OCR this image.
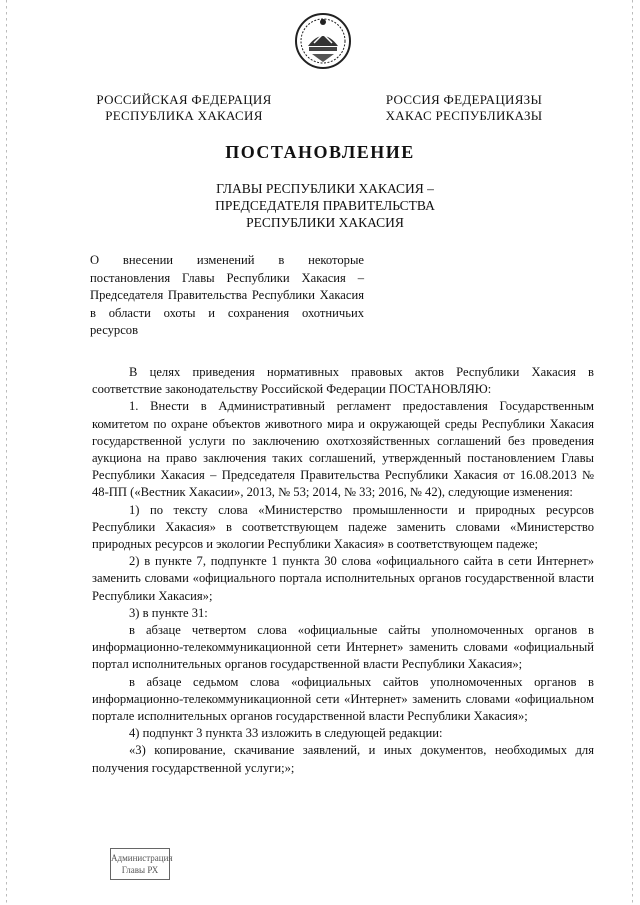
РОССИЙСКАЯ ФЕДЕРАЦИЯ
РЕСПУБЛИКА ХАКАСИЯ
РОССИЯ ФЕДЕРАЦИЯЗЫ
ХАКАС РЕСПУБЛИКАЗЫ
ПОСТАНОВЛЕНИЕ
ГЛАВЫ РЕСПУБЛИКИ ХАКАСИЯ –
ПРЕДСЕДАТЕЛЯ ПРАВИТЕЛЬСТВА
РЕСПУБЛИКИ ХАКАСИЯ
О внесении изменений в некоторые постановления Главы Республики Хакасия – Председателя Правительства Республики Хакасия в области охоты и сохранения охотничьих ресурсов

В целях приведения нормативных правовых актов Республики Хакасия в соответствие законодательству Российской Федерации ПОСТАНОВЛЯЮ:

1. Внести в Административный регламент предоставления Государственным комитетом по охране объектов животного мира и окружающей среды Республики Хакасия государственной услуги по заключению охотхозяйственных соглашений без проведения аукциона на право заключения таких соглашений, утвержденный постановлением Главы Республики Хакасия – Председателя Правительства Республики Хакасия от 16.08.2013 № 48-ПП («Вестник Хакасии», 2013, № 53; 2014, № 33; 2016, № 42), следующие изменения:

1) по тексту слова «Министерство промышленности и природных ресурсов Республики Хакасия» в соответствующем падеже заменить словами «Министерство природных ресурсов и экологии Республики Хакасия» в соответствующем падеже;

2) в пункте 7, подпункте 1 пункта 30 слова «официального сайта в сети Интернет» заменить словами «официального портала исполнительных органов государственной власти Республики Хакасия»;

3) в пункте 31:

в абзаце четвертом слова «официальные сайты уполномоченных органов в информационно-телекоммуникационной сети Интернет» заменить словами «официальный портал исполнительных органов государственной власти Республики Хакасия»;

в абзаце седьмом слова «официальных сайтов уполномоченных органов в информационно-телекоммуникационной сети «Интернет» заменить словами «официальном портале исполнительных органов государственной власти Республики Хакасия»;

4) подпункт 3 пункта 33 изложить в следующей редакции:

«3) копирование, скачивание заявлений, и иных документов, необходимых для получения государственной услуги;»;

Администрация
Главы РХ
